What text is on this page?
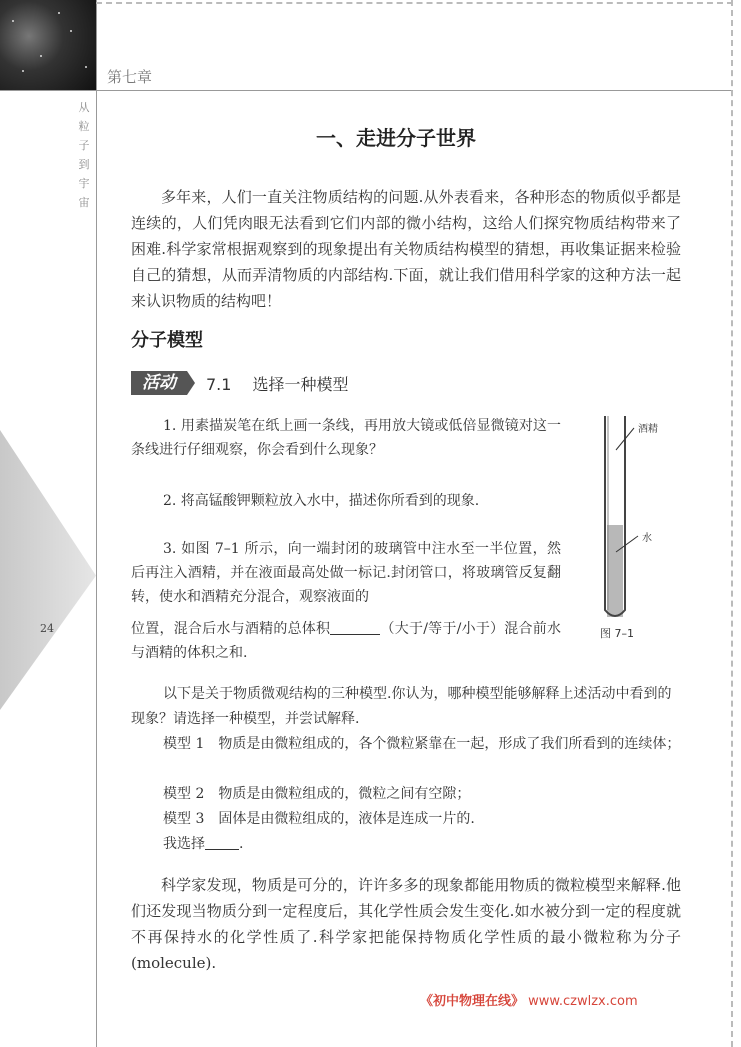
第七章
从
粒
子
到
宇
宙
24
一、走进分子世界
多年来，人们一直关注物质结构的问题.从外表看来，各种形态的物质似乎都是连续的，人们凭肉眼无法看到它们内部的微小结构，这给人们探究物质结构带来了困难.科学家常根据观察到的现象提出有关物质结构模型的猜想，再收集证据来检验自己的猜想，从而弄清物质的内部结构.下面，就让我们借用科学家的这种方法一起来认识物质的结构吧！
分子模型
活动	7.1 选择一种模型
1. 用素描炭笔在纸上画一条线，再用放大镜或低倍显微镜对这一条线进行仔细观察，你会看到什么现象？
2. 将高锰酸钾颗粒放入水中，描述你所看到的现象.
3. 如图 7–1 所示，向一端封闭的玻璃管中注水至一半位置，然后再注入酒精，并在液面最高处做一标记.封闭管口，将玻璃管反复翻转，使水和酒精充分混合，观察液面的
位置，混合后水与酒精的总体积	（大于/等于/小于）混合前水与酒精的体积之和.
酒精
水
图 7–1
以下是关于物质微观结构的三种模型.你认为，哪种模型能够解释上述活动中看到的现象？请选择一种模型，并尝试解释.
模型 1　物质是由微粒组成的，各个微粒紧靠在一起，形成了我们所看到的连续体；
模型 2　物质是由微粒组成的，微粒之间有空隙；
模型 3　固体是由微粒组成的，液体是连成一片的.
我选择 .
科学家发现，物质是可分的，许许多多的现象都能用物质的微粒模型来解释.他们还发现当物质分到一定程度后，其化学性质会发生变化.如水被分到一定的程度就不再保持水的化学性质了.科学家把能保持物质化学性质的最小微粒称为分子(molecule).
《初中物理在线》 www.czwlzx.com
